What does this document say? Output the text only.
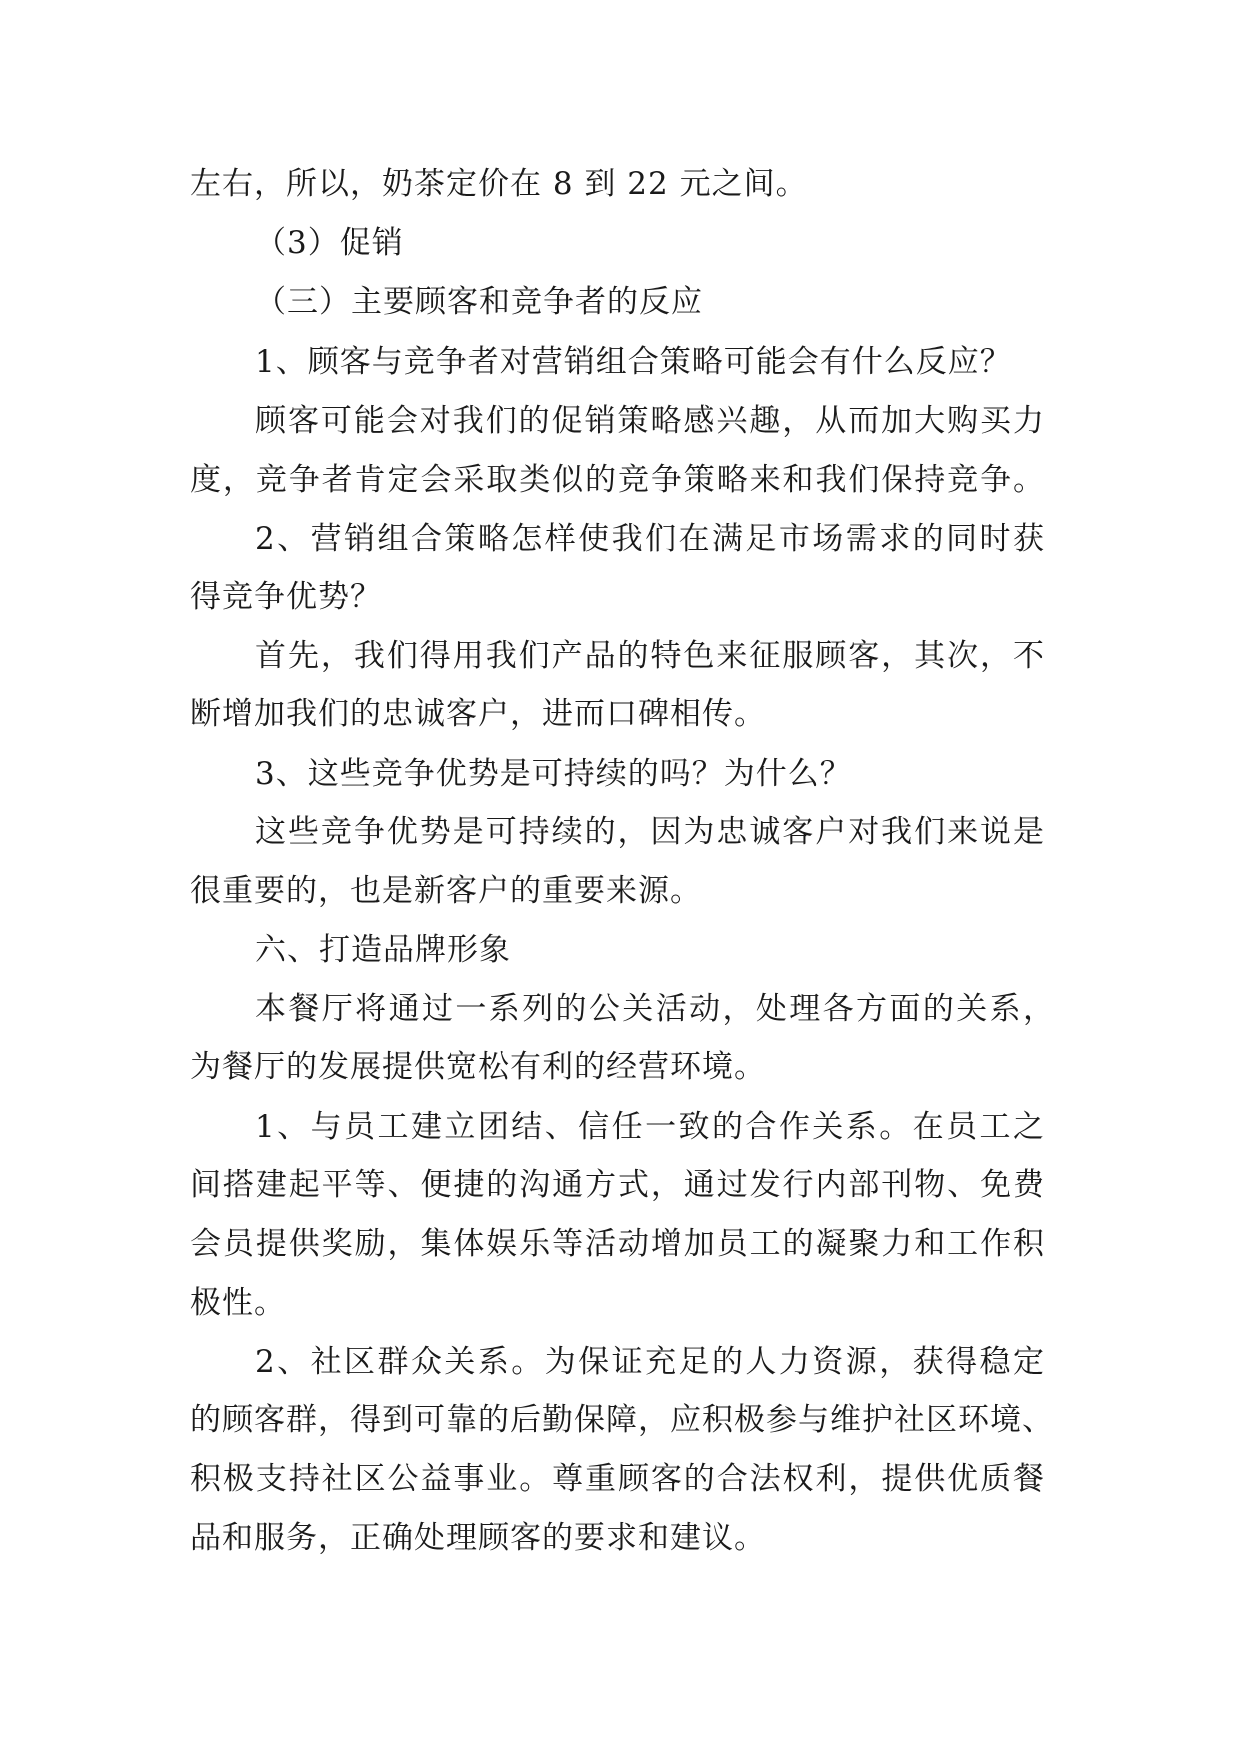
左右，所以，奶茶定价在 8 到 22 元之间。
（3）促销
（三）主要顾客和竞争者的反应
1、顾客与竞争者对营销组合策略可能会有什么反应？
顾客可能会对我们的促销策略感兴趣，从而加大购买力
度，竞争者肯定会采取类似的竞争策略来和我们保持竞争。
2、营销组合策略怎样使我们在满足市场需求的同时获
得竞争优势？
首先，我们得用我们产品的特色来征服顾客，其次，不
断增加我们的忠诚客户，进而口碑相传。
3、这些竞争优势是可持续的吗？为什么？
这些竞争优势是可持续的，因为忠诚客户对我们来说是
很重要的，也是新客户的重要来源。
六、打造品牌形象
本餐厅将通过一系列的公关活动，处理各方面的关系，
为餐厅的发展提供宽松有利的经营环境。
1、与员工建立团结、信任一致的合作关系。在员工之
间搭建起平等、便捷的沟通方式，通过发行内部刊物、免费
会员提供奖励，集体娱乐等活动增加员工的凝聚力和工作积
极性。
2、社区群众关系。为保证充足的人力资源，获得稳定
的顾客群，得到可靠的后勤保障，应积极参与维护社区环境、
积极支持社区公益事业。尊重顾客的合法权利，提供优质餐
品和服务，正确处理顾客的要求和建议。
